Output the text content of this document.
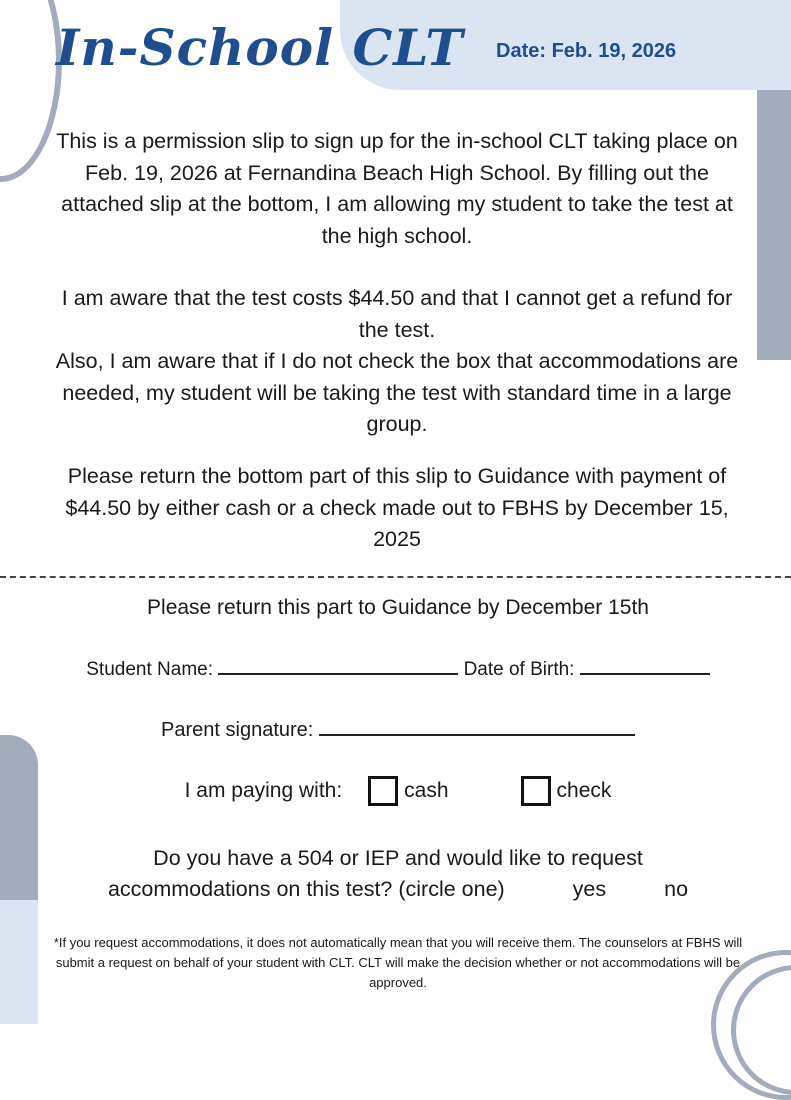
In-School CLT Date: Feb. 19, 2026
This is a permission slip to sign up for the in-school CLT taking place on Feb. 19, 2026 at Fernandina Beach High School. By filling out the attached slip at the bottom, I am allowing my student to take the test at the high school.
I am aware that the test costs $44.50 and that I cannot get a refund for the test.
Also, I am aware that if I do not check the box that accommodations are needed, my student will be taking the test with standard time in a large group.
Please return the bottom part of this slip to Guidance with payment of $44.50 by either cash or a check made out to FBHS by December 15, 2025
Please return this part to Guidance by December 15th
Student Name:	Date of Birth:
Parent signature:
I am paying with:	cash	check
Do you have a 504 or IEP and would like to request
accommodations on this test? (circle one)	yes	no
*If you request accommodations, it does not automatically mean that you will receive them. The counselors at FBHS will submit a request on behalf of your student with CLT. CLT will make the decision whether or not accommodations will be approved.
